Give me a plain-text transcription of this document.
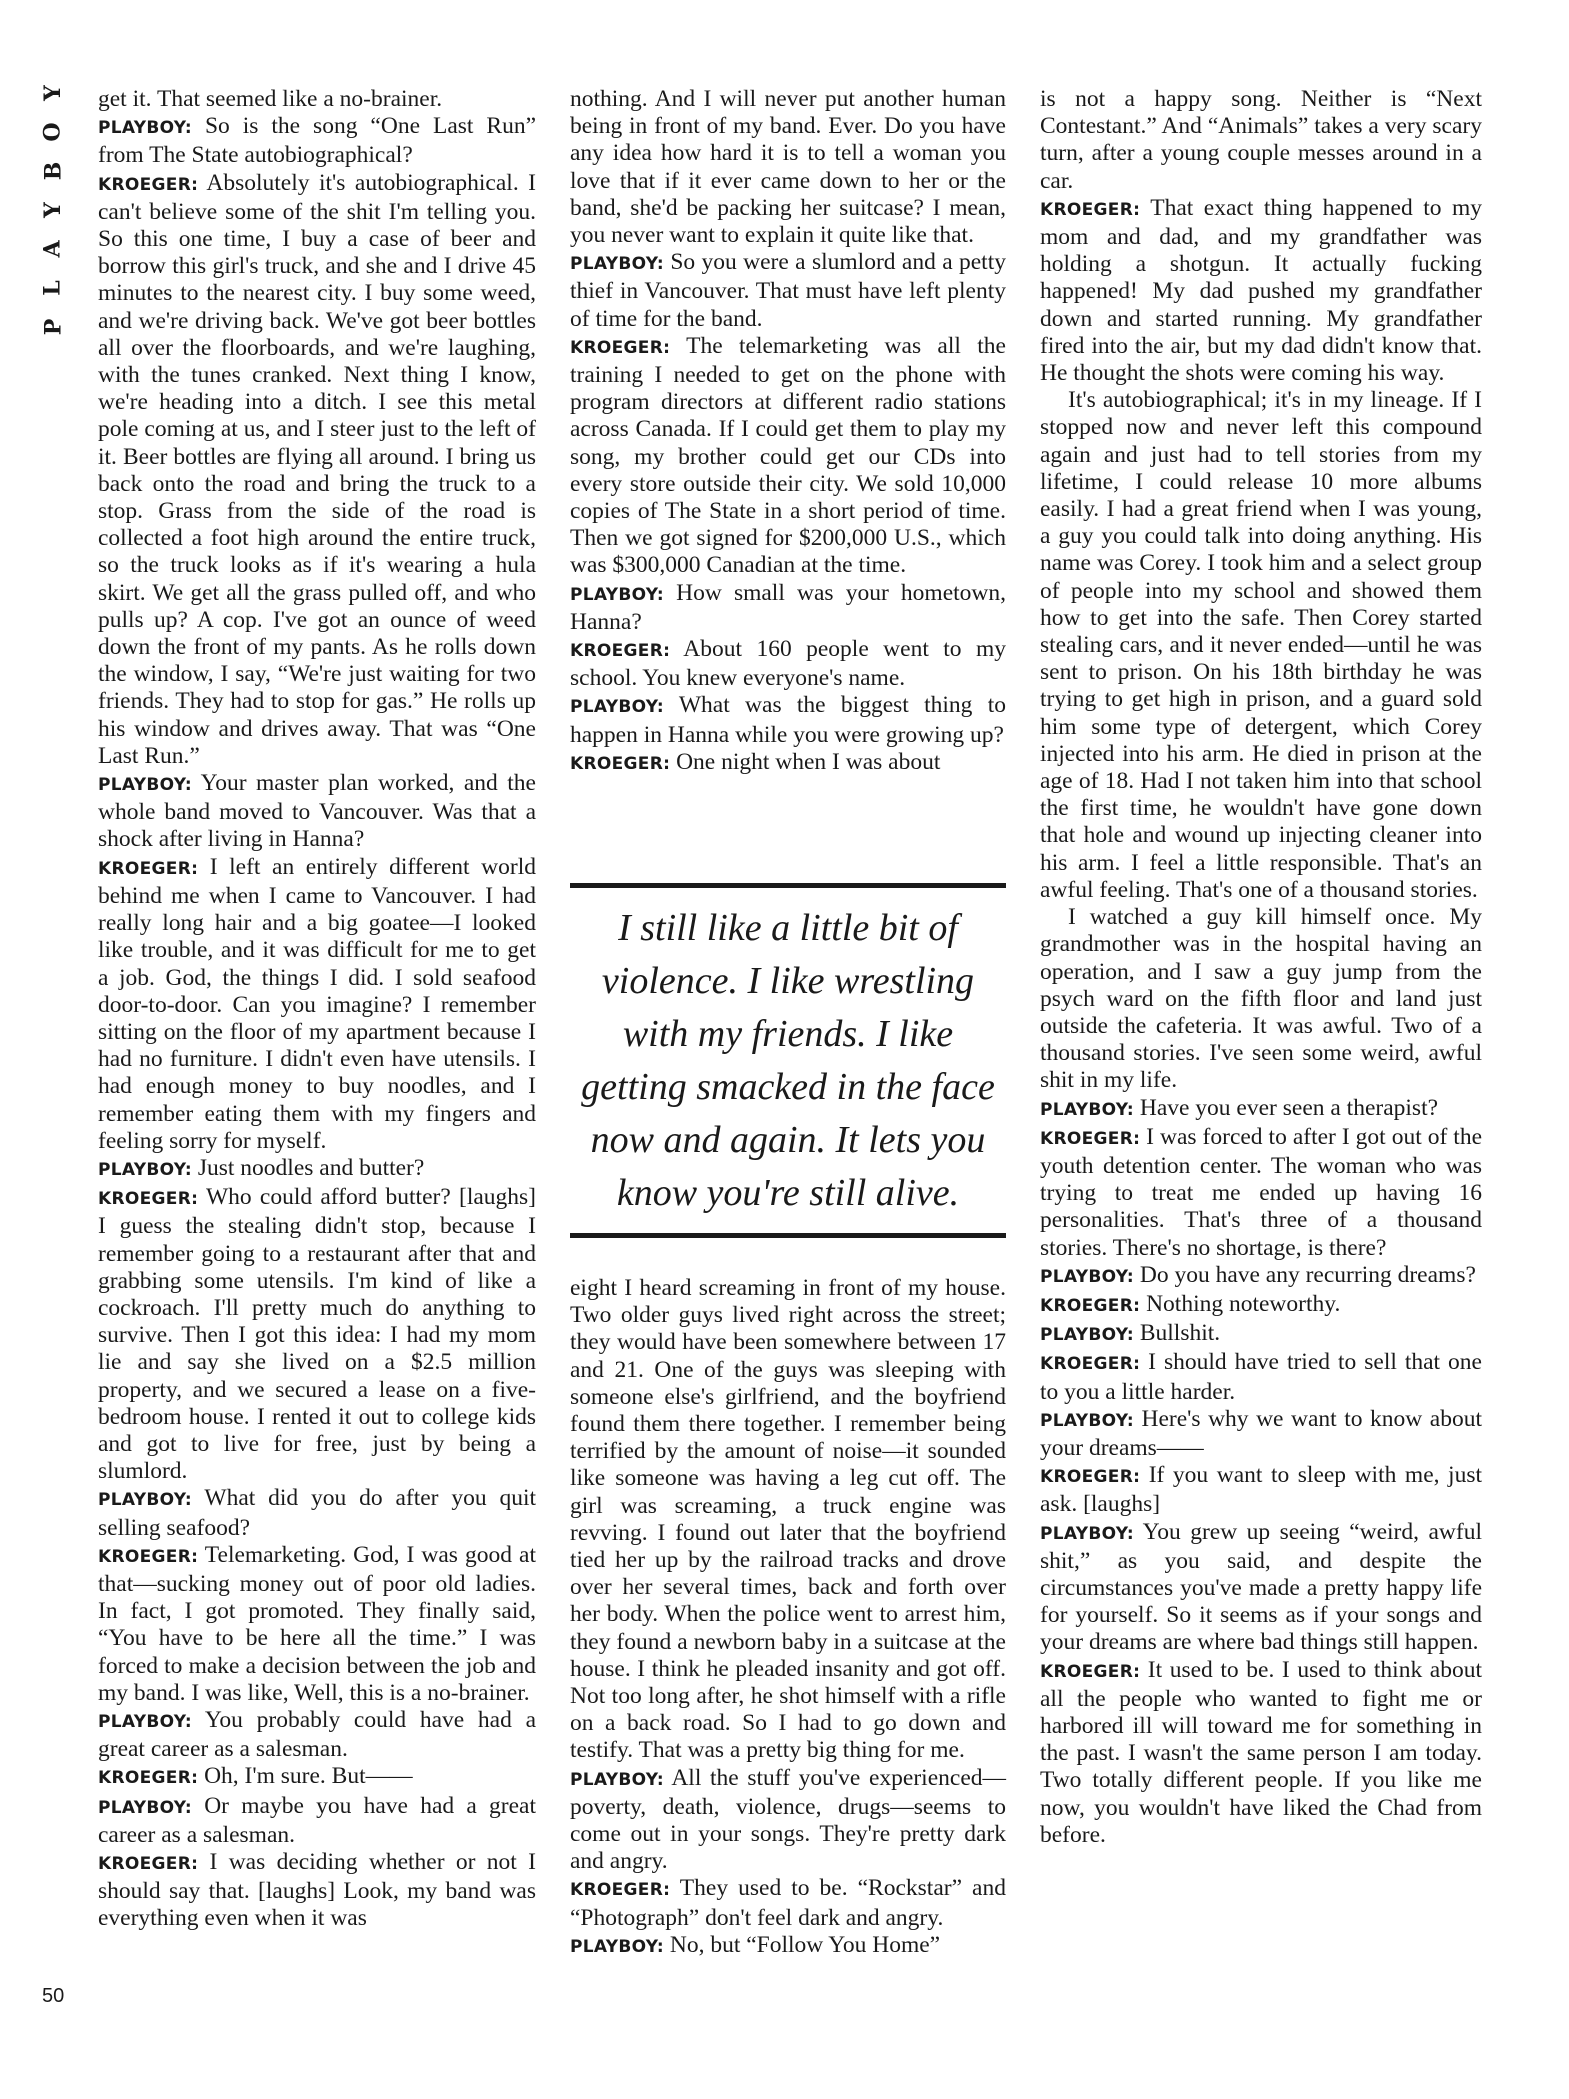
Y
O
B
Y
A
L
P
50

get it. That seemed like a no-brainer.

PLAYBOY: So is the song “One Last Run” from The State autobiographical?

KROEGER: Absolutely it's autobiographical. I can't believe some of the shit I'm telling you. So this one time, I buy a case of beer and borrow this girl's truck, and she and I drive 45 minutes to the nearest city. I buy some weed, and we're driving back. We've got beer bottles all over the floorboards, and we're laughing, with the tunes cranked. Next thing I know, we're heading into a ditch. I see this metal pole coming at us, and I steer just to the left of it. Beer bottles are flying all around. I bring us back onto the road and bring the truck to a stop. Grass from the side of the road is collected a foot high around the entire truck, so the truck looks as if it's wearing a hula skirt. We get all the grass pulled off, and who pulls up? A cop. I've got an ounce of weed down the front of my pants. As he rolls down the window, I say, “We're just waiting for two friends. They had to stop for gas.” He rolls up his window and drives away. That was “One Last Run.”

PLAYBOY: Your master plan worked, and the whole band moved to Vancouver. Was that a shock after living in Hanna?

KROEGER: I left an entirely different world behind me when I came to Vancouver. I had really long hair and a big goatee—I looked like trouble, and it was difficult for me to get a job. God, the things I did. I sold seafood door-to-door. Can you imagine? I remember sitting on the floor of my apartment because I had no furniture. I didn't even have utensils. I had enough money to buy noodles, and I remember eating them with my fingers and feeling sorry for myself.

PLAYBOY: Just noodles and butter?

KROEGER: Who could afford butter? [laughs] I guess the stealing didn't stop, because I remember going to a restaurant after that and grabbing some utensils. I'm kind of like a cockroach. I'll pretty much do anything to survive. Then I got this idea: I had my mom lie and say she lived on a $2.5 million property, and we secured a lease on a five-bedroom house. I rented it out to college kids and got to live for free, just by being a slumlord.

PLAYBOY: What did you do after you quit selling seafood?

KROEGER: Telemarketing. God, I was good at that—sucking money out of poor old ladies. In fact, I got promoted. They finally said, “You have to be here all the time.” I was forced to make a decision between the job and my band. I was like, Well, this is a no-brainer.

PLAYBOY: You probably could have had a great career as a salesman.

KROEGER: Oh, I'm sure. But——

PLAYBOY: Or maybe you have had a great career as a salesman.

KROEGER: I was deciding whether or not I should say that. [laughs] Look, my band was everything even when it was

nothing. And I will never put another human being in front of my band. Ever. Do you have any idea how hard it is to tell a woman you love that if it ever came down to her or the band, she'd be packing her suitcase? I mean, you never want to explain it quite like that.

PLAYBOY: So you were a slumlord and a petty thief in Vancouver. That must have left plenty of time for the band.

KROEGER: The telemarketing was all the training I needed to get on the phone with program directors at different radio stations across Canada. If I could get them to play my song, my brother could get our CDs into every store outside their city. We sold 10,000 copies of The State in a short period of time. Then we got signed for $200,000 U.S., which was $300,000 Canadian at the time.

PLAYBOY: How small was your hometown, Hanna?

KROEGER: About 160 people went to my school. You knew everyone's name.

PLAYBOY: What was the biggest thing to happen in Hanna while you were growing up?

KROEGER: One night when I was about

I still like a little bit of violence. I like wrestling with my friends. I like getting smacked in the face now and again. It lets you know you're still alive.

eight I heard screaming in front of my house. Two older guys lived right across the street; they would have been somewhere between 17 and 21. One of the guys was sleeping with someone else's girlfriend, and the boyfriend found them there together. I remember being terrified by the amount of noise—it sounded like someone was having a leg cut off. The girl was screaming, a truck engine was revving. I found out later that the boyfriend tied her up by the railroad tracks and drove over her several times, back and forth over her body. When the police went to arrest him, they found a newborn baby in a suitcase at the house. I think he pleaded insanity and got off. Not too long after, he shot himself with a rifle on a back road. So I had to go down and testify. That was a pretty big thing for me.

PLAYBOY: All the stuff you've experienced—poverty, death, violence, drugs—seems to come out in your songs. They're pretty dark and angry.

KROEGER: They used to be. “Rockstar” and “Photograph” don't feel dark and angry.

PLAYBOY: No, but “Follow You Home”

is not a happy song. Neither is “Next Contestant.” And “Animals” takes a very scary turn, after a young couple messes around in a car.

KROEGER: That exact thing happened to my mom and dad, and my grandfather was holding a shotgun. It actually fucking happened! My dad pushed my grandfather down and started running. My grandfather fired into the air, but my dad didn't know that. He thought the shots were coming his way.

It's autobiographical; it's in my lineage. If I stopped now and never left this compound again and just had to tell stories from my lifetime, I could release 10 more albums easily. I had a great friend when I was young, a guy you could talk into doing anything. His name was Corey. I took him and a select group of people into my school and showed them how to get into the safe. Then Corey started stealing cars, and it never ended—until he was sent to prison. On his 18th birthday he was trying to get high in prison, and a guard sold him some type of detergent, which Corey injected into his arm. He died in prison at the age of 18. Had I not taken him into that school the first time, he wouldn't have gone down that hole and wound up injecting cleaner into his arm. I feel a little responsible. That's an awful feeling. That's one of a thousand stories.

I watched a guy kill himself once. My grandmother was in the hospital having an operation, and I saw a guy jump from the psych ward on the fifth floor and land just outside the cafeteria. It was awful. Two of a thousand stories. I've seen some weird, awful shit in my life.

PLAYBOY: Have you ever seen a therapist?

KROEGER: I was forced to after I got out of the youth detention center. The woman who was trying to treat me ended up having 16 personalities. That's three of a thousand stories. There's no shortage, is there?

PLAYBOY: Do you have any recurring dreams?

KROEGER: Nothing noteworthy.

PLAYBOY: Bullshit.

KROEGER: I should have tried to sell that one to you a little harder.

PLAYBOY: Here's why we want to know about your dreams——

KROEGER: If you want to sleep with me, just ask. [laughs]

PLAYBOY: You grew up seeing “weird, awful shit,” as you said, and despite the circumstances you've made a pretty happy life for yourself. So it seems as if your songs and your dreams are where bad things still happen.

KROEGER: It used to be. I used to think about all the people who wanted to fight me or harbored ill will toward me for something in the past. I wasn't the same person I am today. Two totally different people. If you like me now, you wouldn't have liked the Chad from before.
